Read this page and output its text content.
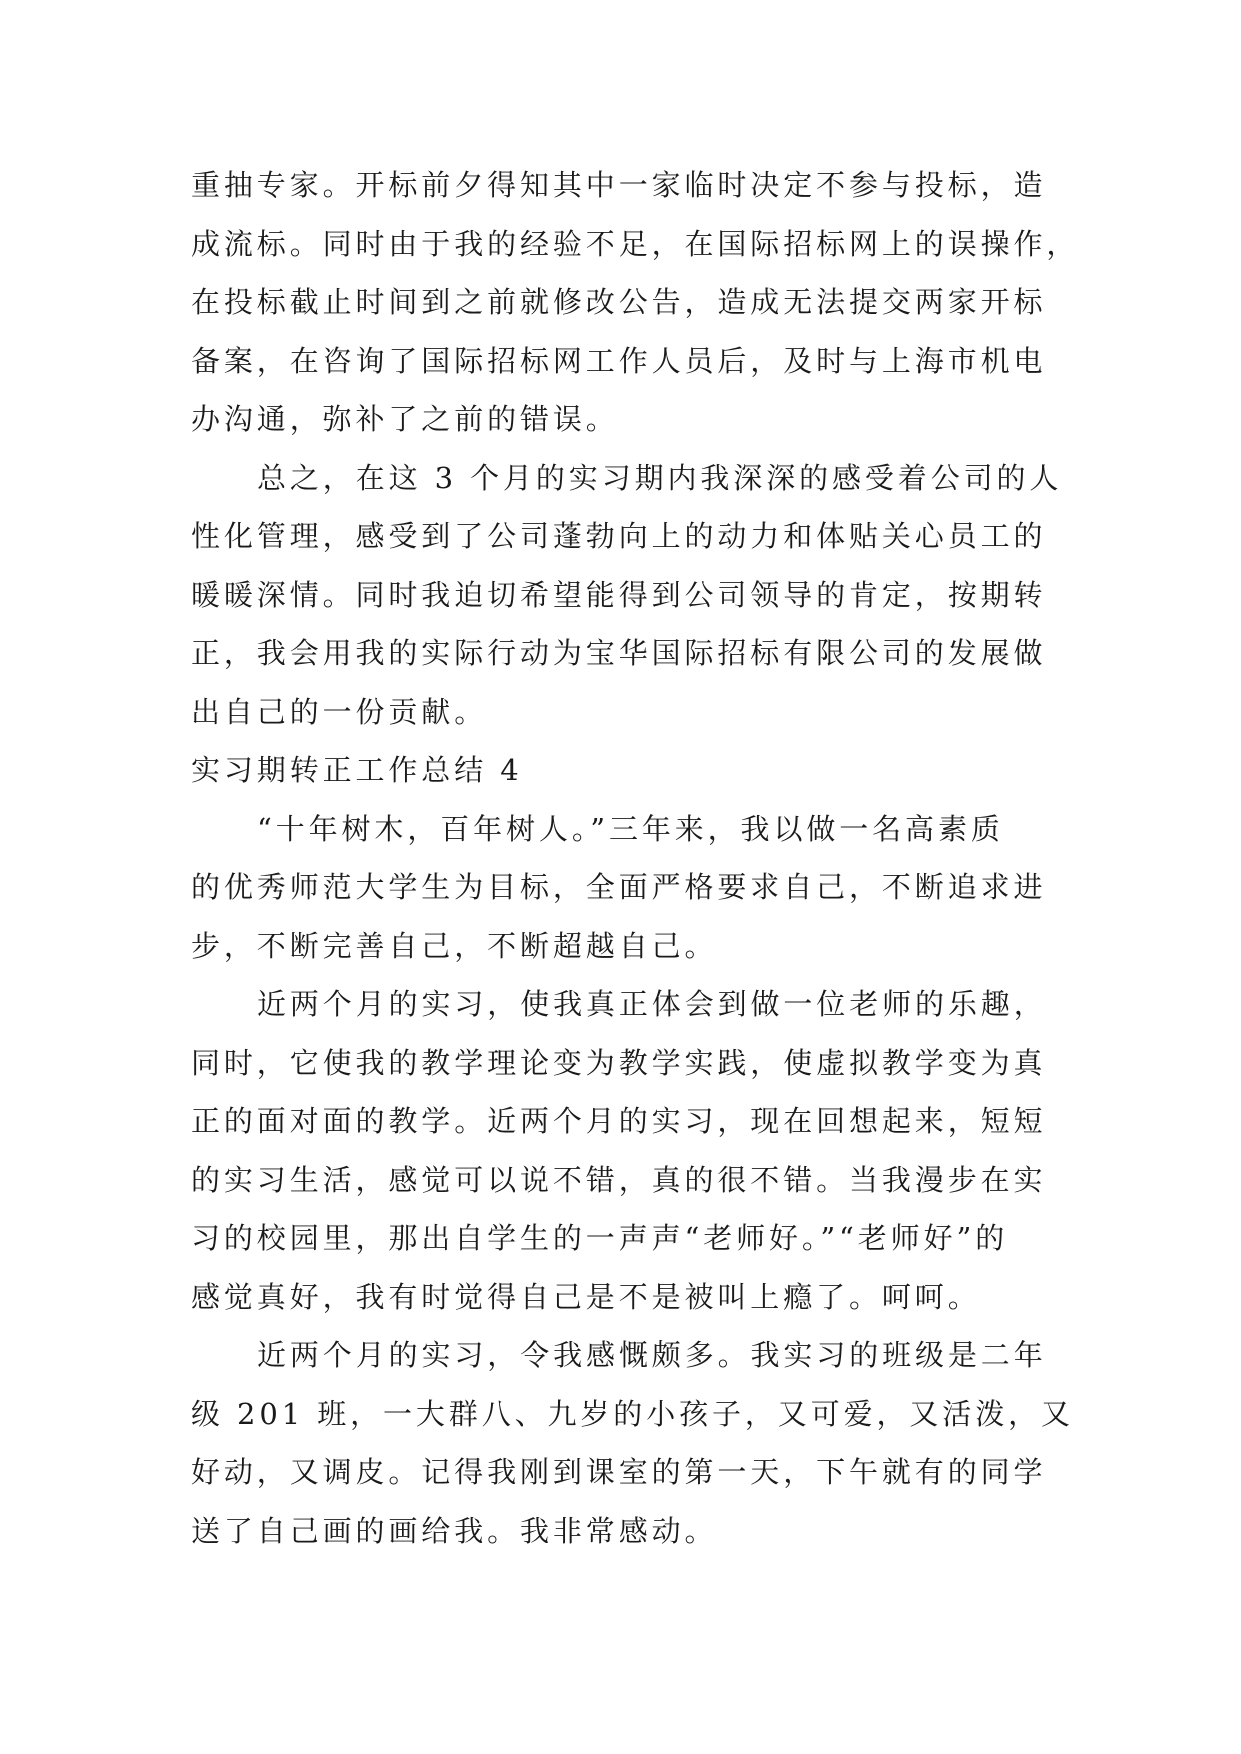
重抽专家。开标前夕得知其中一家临时决定不参与投标，造
成流标。同时由于我的经验不足，在国际招标网上的误操作，
在投标截止时间到之前就修改公告，造成无法提交两家开标
备案，在咨询了国际招标网工作人员后，及时与上海市机电
办沟通，弥补了之前的错误。
总之，在这 3 个月的实习期内我深深的感受着公司的人
性化管理，感受到了公司蓬勃向上的动力和体贴关心员工的
暖暖深情。同时我迫切希望能得到公司领导的肯定，按期转
正，我会用我的实际行动为宝华国际招标有限公司的发展做
出自己的一份贡献。
实习期转正工作总结 4
“十年树木，百年树人。”三年来，我以做一名高素质
的优秀师范大学生为目标，全面严格要求自己，不断追求进
步，不断完善自己，不断超越自己。
近两个月的实习，使我真正体会到做一位老师的乐趣，
同时，它使我的教学理论变为教学实践，使虚拟教学变为真
正的面对面的教学。近两个月的实习，现在回想起来，短短
的实习生活，感觉可以说不错，真的很不错。当我漫步在实
习的校园里，那出自学生的一声声“老师好。”“老师好”的
感觉真好，我有时觉得自己是不是被叫上瘾了。呵呵。
近两个月的实习，令我感慨颇多。我实习的班级是二年
级 201 班，一大群八、九岁的小孩子，又可爱，又活泼，又
好动，又调皮。记得我刚到课室的第一天，下午就有的同学
送了自己画的画给我。我非常感动。
